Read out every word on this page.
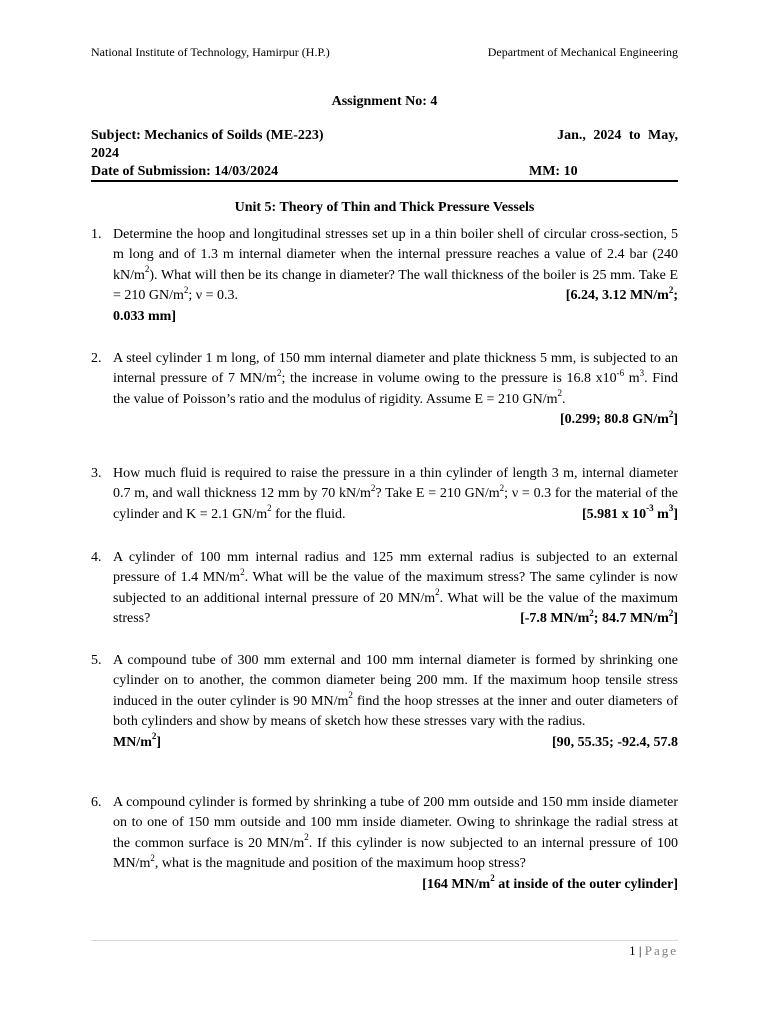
National Institute of Technology, Hamirpur (H.P.)	Department of Mechanical Engineering
Assignment No: 4
Subject: Mechanics of Soilds (ME-223)	Jan., 2024 to May,
2024
Date of Submission: 14/03/2024	MM: 10
Unit 5: Theory of Thin and Thick Pressure Vessels
1. Determine the hoop and longitudinal stresses set up in a thin boiler shell of circular cross-section, 5 m long and of 1.3 m internal diameter when the internal pressure reaches a value of 2.4 bar (240 $kN/m^2$). What will then be its change in diameter? The wall thickness of the boiler is 25 mm. Take E = 210 $GN/m^2$; ν = 0.3.	[6.24, 3.12 $MN/m^2$;
0.033 mm]
2. A steel cylinder 1 m long, of 150 mm internal diameter and plate thickness 5 mm, is subjected to an internal pressure of 7 $MN/m^2$; the increase in volume owing to the pressure is 16.8 $x10^{-6}$ $m^3$. Find the value of Poisson’s ratio and the modulus of rigidity. Assume E = 210 $GN/m^2$.
[0.299; 80.8 $GN/m^2$]
3. How much fluid is required to raise the pressure in a thin cylinder of length 3 m, internal diameter 0.7 m, and wall thickness 12 mm by 70 $kN/m^2$? Take E = 210 $GN/m^2$; ν = 0.3 for the material of the cylinder and K = 2.1 $GN/m^2$ for the fluid.	[5.981 x $10^{-3}$ $m^3$]
4. A cylinder of 100 mm internal radius and 125 mm external radius is subjected to an external pressure of 1.4 $MN/m^2$. What will be the value of the maximum stress? The same cylinder is now subjected to an additional internal pressure of 20 $MN/m^2$. What will be the value of the maximum stress?	[-7.8 $MN/m^2$; 84.7 $MN/m^2$]
5. A compound tube of 300 mm external and 100 mm internal diameter is formed by shrinking one cylinder on to another, the common diameter being 200 mm. If the maximum hoop tensile stress induced in the outer cylinder is 90 $MN/m^2$ find the hoop stresses at the inner and outer diameters of both cylinders and show by means of sketch how these stresses vary with the radius.
[90, 55.35; -92.4, 57.8
$MN/m^2$]
6. A compound cylinder is formed by shrinking a tube of 200 mm outside and 150 mm inside diameter on to one of 150 mm outside and 100 mm inside diameter. Owing to shrinkage the radial stress at the common surface is 20 $MN/m^2$. If this cylinder is now subjected to an internal pressure of 100 $MN/m^2$, what is the magnitude and position of the maximum hoop stress?
[164 $MN/m^2$ at inside of the outer cylinder]
1 | Page
